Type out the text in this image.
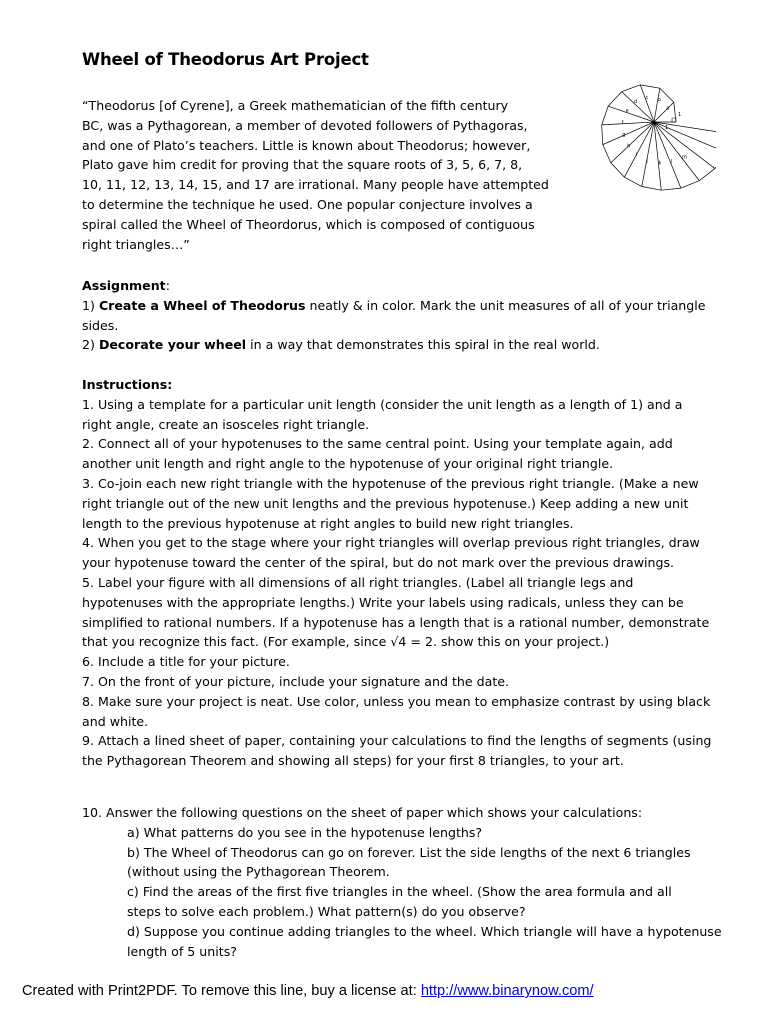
Wheel of Theodorus Art Project
“Theodorus [of Cyrene], a Greek mathematician of the fifth century
BC, was a Pythagorean, a member of devoted followers of Pythagoras,
and one of Plato’s teachers. Little is known about Theodorus; however,
Plato gave him credit for proving that the square roots of 3, 5, 6, 7, 8,
10, 11, 12, 13, 14, 15, and 17 are irrational. Many people have attempted
to determine the technique he used. One popular conjecture involves a
spiral called the Wheel of Theordorus, which is composed of contiguous
right triangles…”
a
b
c
d
e
f
g
h
i
j k l
m
1
1
Assignment:
1) Create a Wheel of Theodorus neatly & in color. Mark the unit measures of all of your triangle
sides.
2) Decorate your wheel in a way that demonstrates this spiral in the real world.
Instructions:
1. Using a template for a particular unit length (consider the unit length as a length of 1) and a
right angle, create an isosceles right triangle.
2. Connect all of your hypotenuses to the same central point. Using your template again, add
another unit length and right angle to the hypotenuse of your original right triangle.
3. Co-join each new right triangle with the hypotenuse of the previous right triangle. (Make a new
right triangle out of the new unit lengths and the previous hypotenuse.) Keep adding a new unit
length to the previous hypotenuse at right angles to build new right triangles.
4. When you get to the stage where your right triangles will overlap previous right triangles, draw
your hypotenuse toward the center of the spiral, but do not mark over the previous drawings.
5. Label your figure with all dimensions of all right triangles. (Label all triangle legs and
hypotenuses with the appropriate lengths.) Write your labels using radicals, unless they can be
simplified to rational numbers. If a hypotenuse has a length that is a rational number, demonstrate
that you recognize this fact. (For example, since √4 = 2. show this on your project.)
6. Include a title for your picture.
7. On the front of your picture, include your signature and the date.
8. Make sure your project is neat. Use color, unless you mean to emphasize contrast by using black
and white.
9. Attach a lined sheet of paper, containing your calculations to find the lengths of segments (using
the Pythagorean Theorem and showing all steps) for your first 8 triangles, to your art.
10. Answer the following questions on the sheet of paper which shows your calculations:
a) What patterns do you see in the hypotenuse lengths?
b) The Wheel of Theodorus can go on forever. List the side lengths of the next 6 triangles
(without using the Pythagorean Theorem.
c) Find the areas of the first five triangles in the wheel. (Show the area formula and all
steps to solve each problem.) What pattern(s) do you observe?
d) Suppose you continue adding triangles to the wheel. Which triangle will have a hypotenuse
length of 5 units?
Created with Print2PDF. To remove this line, buy a license at: http://www.binarynow.com/
